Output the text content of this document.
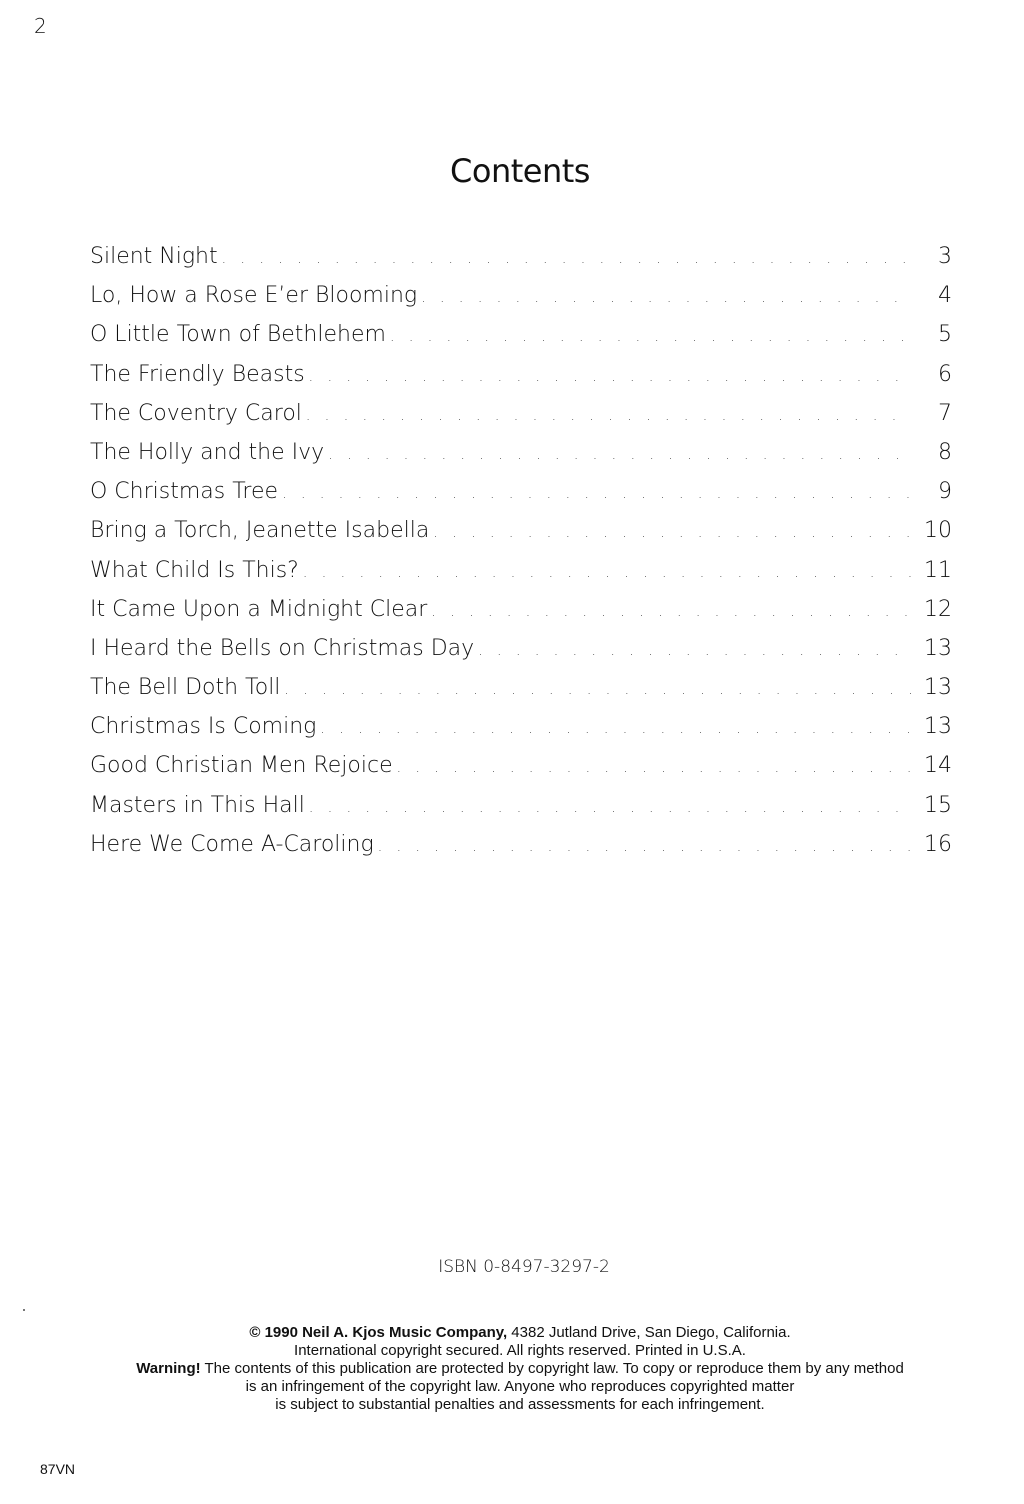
2
Contents
Silent Night . . .	3
Lo, How a Rose E’er Blooming . . .	4
O Little Town of Bethlehem . . .	5
The Friendly Beasts . . .	6
The Coventry Carol . . .	7
The Holly and the Ivy . . .	8
O Christmas Tree . . .	9
Bring a Torch, Jeanette Isabella . . .	10
What Child Is This? . . .	11
It Came Upon a Midnight Clear . . .	12
I Heard the Bells on Christmas Day . . .	13
The Bell Doth Toll . . .	13
Christmas Is Coming . . .	13
Good Christian Men Rejoice . . .	14
Masters in This Hall . . .	15
Here We Come A-Caroling . . .	16
ISBN 0-8497-3297-2
© 1990 Neil A. Kjos Music Company, 4382 Jutland Drive, San Diego, California.
International copyright secured. All rights reserved. Printed in U.S.A.
Warning! The contents of this publication are protected by copyright law. To copy or reproduce them by any method
is an infringement of the copyright law. Anyone who reproduces copyrighted matter
is subject to substantial penalties and assessments for each infringement.
87VN
